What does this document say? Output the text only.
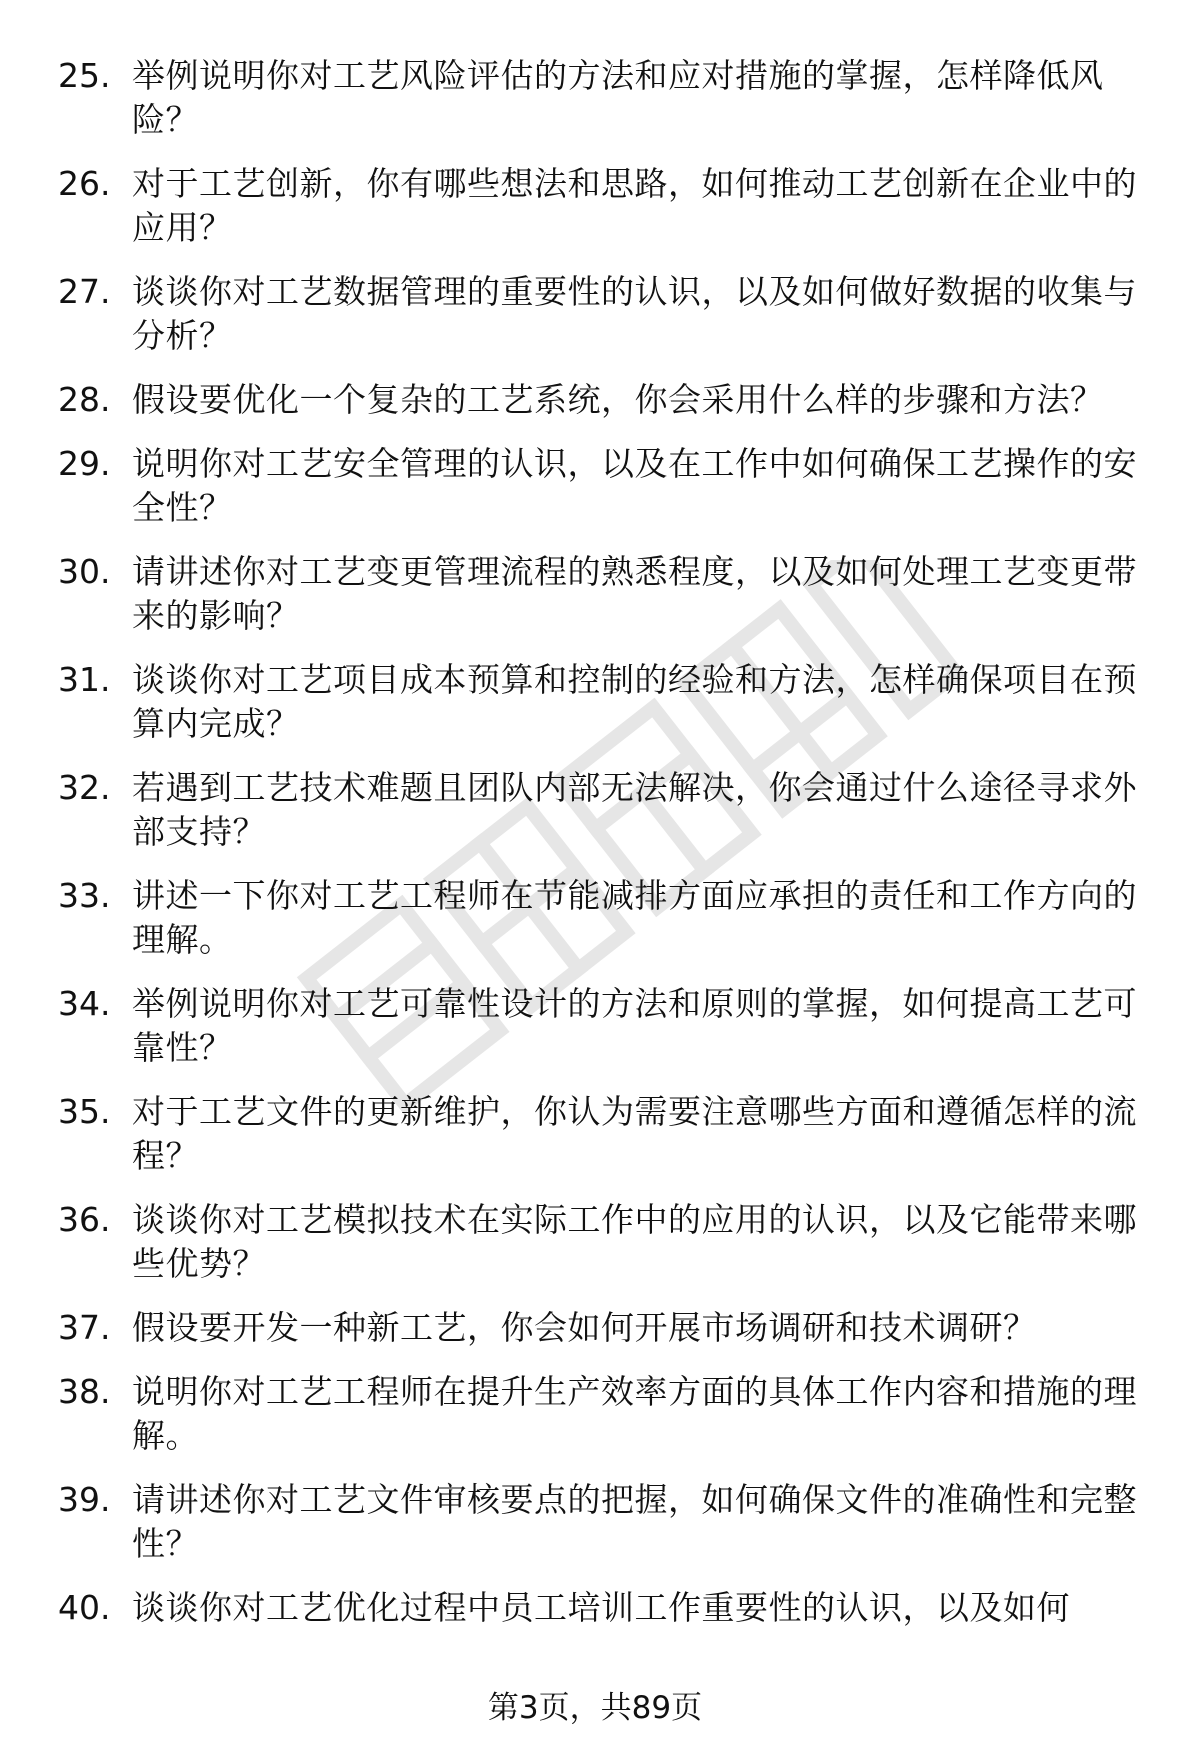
25. 举例说明你对工艺风险评估的方法和应对措施的掌握，怎样降低风险？
26. 对于工艺创新，你有哪些想法和思路，如何推动工艺创新在企业中的应用？
27. 谈谈你对工艺数据管理的重要性的认识，以及如何做好数据的收集与分析？
28. 假设要优化一个复杂的工艺系统，你会采用什么样的步骤和方法？
29. 说明你对工艺安全管理的认识，以及在工作中如何确保工艺操作的安全性？
30. 请讲述你对工艺变更管理流程的熟悉程度，以及如何处理工艺变更带来的影响？
31. 谈谈你对工艺项目成本预算和控制的经验和方法，怎样确保项目在预算内完成？
32. 若遇到工艺技术难题且团队内部无法解决，你会通过什么途径寻求外部支持？
33. 讲述一下你对工艺工程师在节能减排方面应承担的责任和工作方向的理解。
34. 举例说明你对工艺可靠性设计的方法和原则的掌握，如何提高工艺可靠性？
35. 对于工艺文件的更新维护，你认为需要注意哪些方面和遵循怎样的流程？
36. 谈谈你对工艺模拟技术在实际工作中的应用的认识，以及它能带来哪些优势？
37. 假设要开发一种新工艺，你会如何开展市场调研和技术调研？
38. 说明你对工艺工程师在提升生产效率方面的具体工作内容和措施的理解。
39. 请讲述你对工艺文件审核要点的把握，如何确保文件的准确性和完整性？
40. 谈谈你对工艺优化过程中员工培训工作重要性的认识，以及如何
第3页，共89页
